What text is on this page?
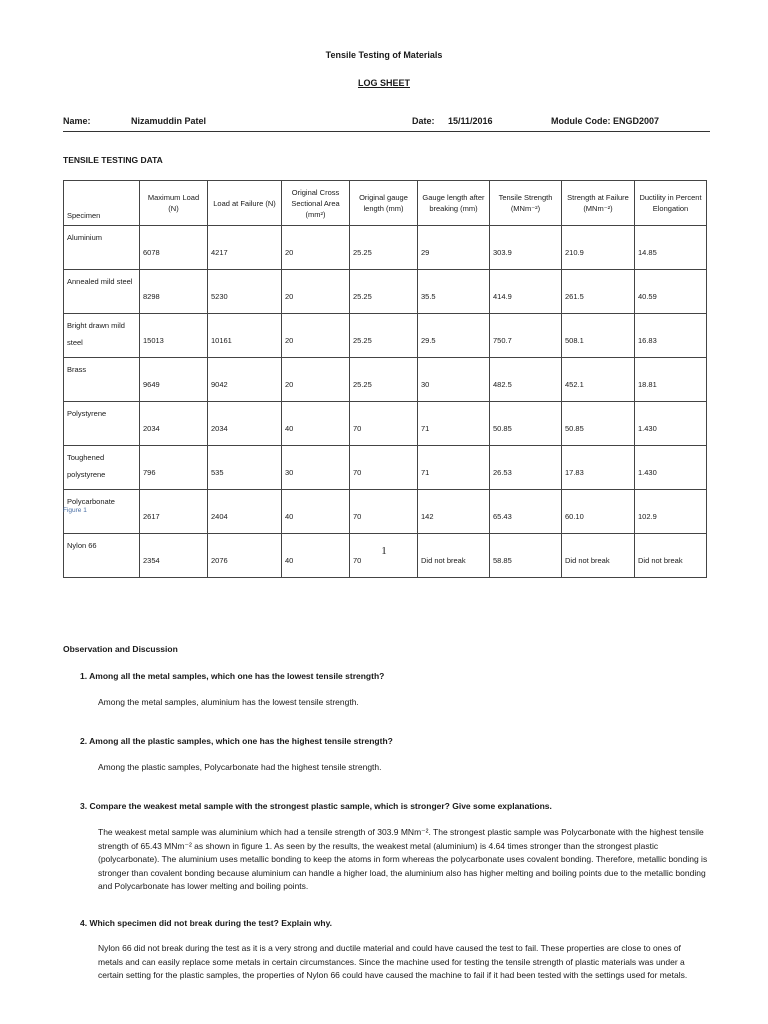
Tensile Testing of Materials
LOG SHEET
Name:	Nizamuddin Patel	Date: 15/11/2016	Module Code: ENGD2007
TENSILE TESTING DATA
Specimen	Maximum Load (N)	Load at Failure (N)	Original Cross Sectional Area (mm²)	Original gauge length (mm)	Gauge length after breaking (mm)	Tensile Strength (MNm⁻²)	Strength at Failure (MNm⁻²)	Ductility in Percent Elongation
Aluminium	6078	4217	20	25.25	29	303.9	210.9	14.85
Annealed mild steel	8298	5230	20	25.25	35.5	414.9	261.5	40.59
Bright drawn mild steel	15013	10161	20	25.25	29.5	750.7	508.1	16.83
Brass	9649	9042	20	25.25	30	482.5	452.1	18.81
Polystyrene	2034	2034	40	70	71	50.85	50.85	1.430
Toughened polystyrene	796	535	30	70	71	26.53	17.83	1.430
Polycarbonate	2617	2404	40	70	142	65.43	60.10	102.9
Nylon 66	2354	2076	40	70	Did not break	58.85	Did not break	Did not break
Figure 1
1
Observation and Discussion
1. Among all the metal samples, which one has the lowest tensile strength?
Among the metal samples, aluminium has the lowest tensile strength.
2. Among all the plastic samples, which one has the highest tensile strength?
Among the plastic samples, Polycarbonate had the highest tensile strength.
3. Compare the weakest metal sample with the strongest plastic sample, which is stronger? Give some explanations.
The weakest metal sample was aluminium which had a tensile strength of 303.9 MNm⁻². The strongest plastic sample was Polycarbonate with the highest tensile strength of 65.43 MNm⁻² as shown in figure 1. As seen by the results, the weakest metal (aluminium) is 4.64 times stronger than the strongest plastic (polycarbonate). The aluminium uses metallic bonding to keep the atoms in form whereas the polycarbonate uses covalent bonding. Therefore, metallic bonding is stronger than covalent bonding because aluminium can handle a higher load, the aluminium also has higher melting and boiling points due to the metallic bonding and Polycarbonate has lower melting and boiling points.
4. Which specimen did not break during the test? Explain why.
Nylon 66 did not break during the test as it is a very strong and ductile material and could have caused the test to fail. These properties are close to ones of metals and can easily replace some metals in certain circumstances. Since the machine used for testing the tensile strength of plastic materials was under a certain setting for the plastic samples, the properties of Nylon 66 could have caused the machine to fail if it had been tested with the settings used for metals.
